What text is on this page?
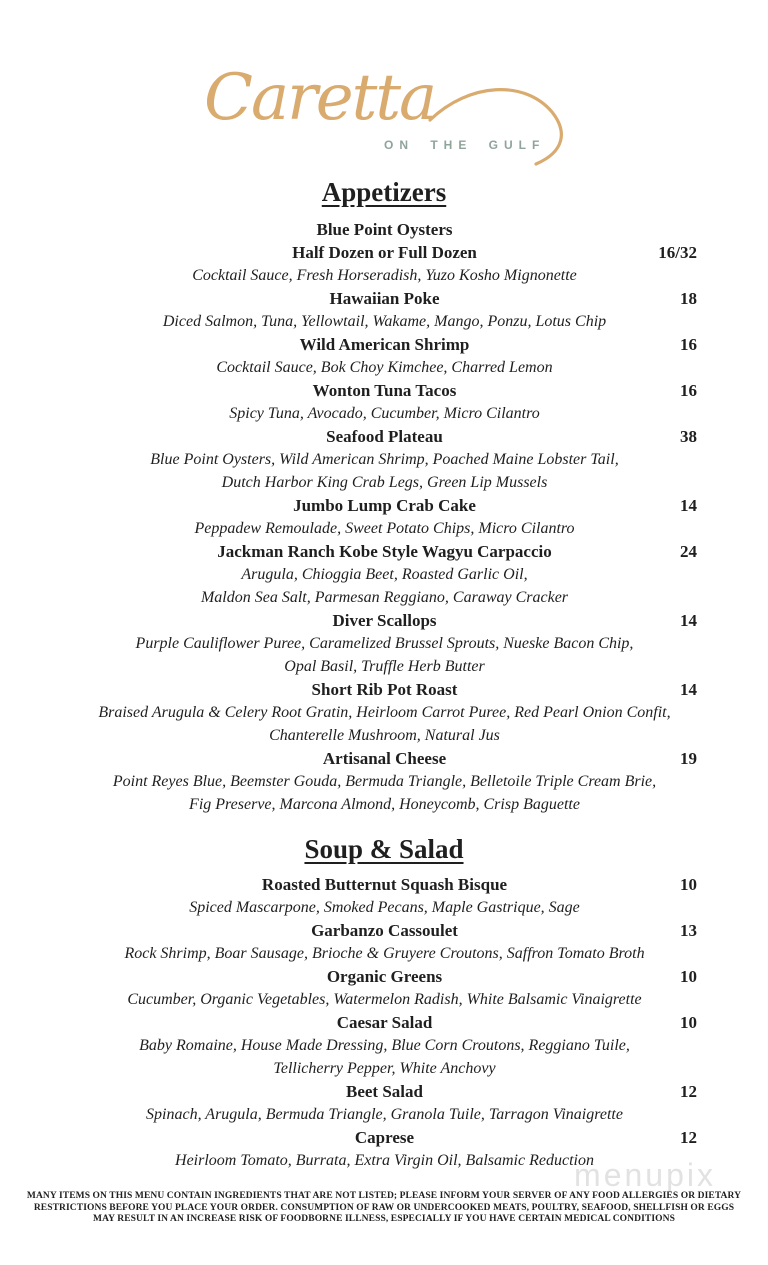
Caretta
ON THE GULF
Appetizers
Blue Point Oysters
Half Dozen or Full Dozen	16/32
Cocktail Sauce, Fresh Horseradish, Yuzo Kosho Mignonette
Hawaiian Poke	18
Diced Salmon, Tuna, Yellowtail, Wakame, Mango, Ponzu, Lotus Chip
Wild American Shrimp	16
Cocktail Sauce, Bok Choy Kimchee, Charred Lemon
Wonton Tuna Tacos	16
Spicy Tuna, Avocado, Cucumber, Micro Cilantro
Seafood Plateau	38
Blue Point Oysters, Wild American Shrimp, Poached Maine Lobster Tail,
Dutch Harbor King Crab Legs, Green Lip Mussels
Jumbo Lump Crab Cake	14
Peppadew Remoulade, Sweet Potato Chips, Micro Cilantro
Jackman Ranch Kobe Style Wagyu Carpaccio	24
Arugula, Chioggia Beet, Roasted Garlic Oil,
Maldon Sea Salt, Parmesan Reggiano, Caraway Cracker
Diver Scallops	14
Purple Cauliflower Puree, Caramelized Brussel Sprouts, Nueske Bacon Chip,
Opal Basil, Truffle Herb Butter
Short Rib Pot Roast	14
Braised Arugula & Celery Root Gratin, Heirloom Carrot Puree, Red Pearl Onion Confit,
Chanterelle Mushroom, Natural Jus
Artisanal Cheese	19
Point Reyes Blue, Beemster Gouda, Bermuda Triangle, Belletoile Triple Cream Brie,
Fig Preserve, Marcona Almond, Honeycomb, Crisp Baguette
Soup & Salad
Roasted Butternut Squash Bisque	10
Spiced Mascarpone, Smoked Pecans, Maple Gastrique, Sage
Garbanzo Cassoulet	13
Rock Shrimp, Boar Sausage, Brioche & Gruyere Croutons, Saffron Tomato Broth
Organic Greens	10
Cucumber, Organic Vegetables, Watermelon Radish, White Balsamic Vinaigrette
Caesar Salad	10
Baby Romaine, House Made Dressing, Blue Corn Croutons, Reggiano Tuile,
Tellicherry Pepper, White Anchovy
Beet Salad	12
Spinach, Arugula, Bermuda Triangle, Granola Tuile, Tarragon Vinaigrette
Caprese	12
Heirloom Tomato, Burrata, Extra Virgin Oil, Balsamic Reduction
MANY ITEMS ON THIS MENU CONTAIN INGREDIENTS THAT ARE NOT LISTED; PLEASE INFORM YOUR SERVER OF ANY FOOD ALLERGIES OR DIETARY
RESTRICTIONS BEFORE YOU PLACE YOUR ORDER. CONSUMPTION OF RAW OR UNDERCOOKED MEATS, POULTRY, SEAFOOD, SHELLFISH OR EGGS
MAY RESULT IN AN INCREASE RISK OF FOODBORNE ILLNESS, ESPECIALLY IF YOU HAVE CERTAIN MEDICAL CONDITIONS
menupix
